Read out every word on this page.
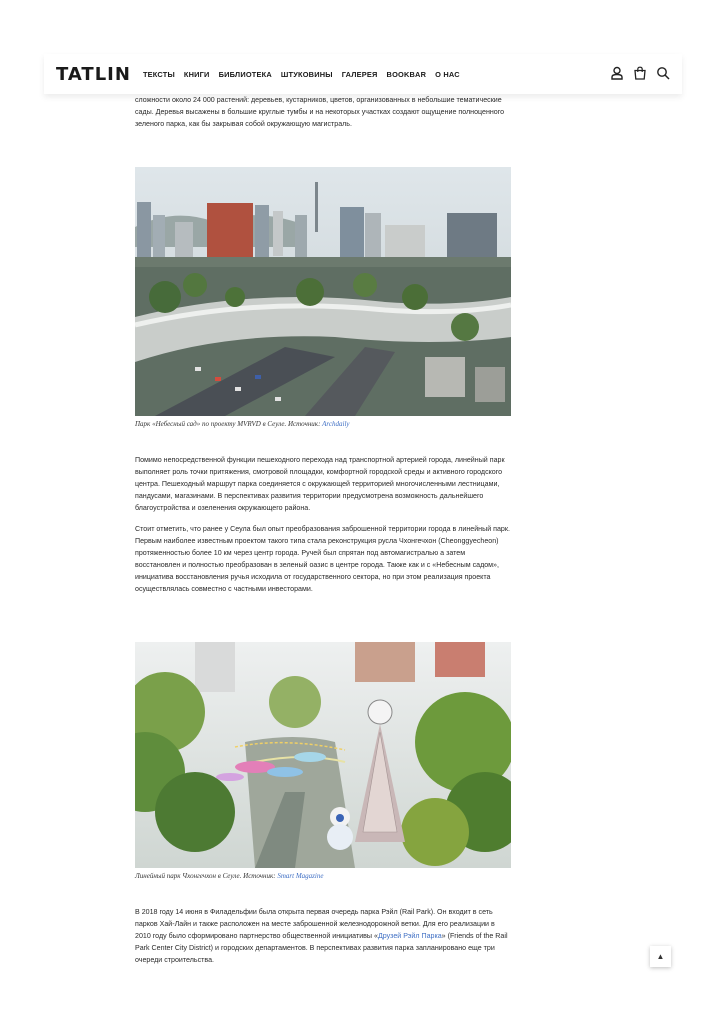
TATLIN ТЕКСТЫ КНИГИ БИБЛИОТЕКА ШТУКОВИНЫ ГАЛЕРЕЯ BOOKBAR О НАС

сложности около 24 000 растений: деревьев, кустарников, цветов, организованных в небольшие тематические сады. Деревья высажены в большие круглые тумбы и на некоторых участках создают ощущение полноценного зеленого парка, как бы закрывая собой окружающую магистраль.

Парк «Небесный сад» по проекту MVRVD в Сеуле. Источник: Archdaily

Помимо непосредственной функции пешеходного перехода над транспортной артерией города, линейный парк выполняет роль точки притяжения, смотровой площадки, комфортной городской среды и активного городского центра. Пешеходный маршрут парка соединяется с окружающей территорией многочисленными лестницами, пандусами, магазинами. В перспективах развития территории предусмотрена возможность дальнейшего благоустройства и озеленения окружающего района.

Стоит отметить, что ранее у Сеула был опыт преобразования заброшенной территории города в линейный парк. Первым наиболее известным проектом такого типа стала реконструкция русла Чхонгечхон (Cheonggyecheon) протяженностью более 10 км через центр города. Ручей был спрятан под автомагистралью а затем восстановлен и полностью преобразован в зеленый оазис в центре города. Также как и с «Небесным садом», инициатива восстановления ручья исходила от государственного сектора, но при этом реализация проекта осуществлялась совместно с частными инвесторами.

Линейный парк Чхонгечхон в Сеуле. Источник: Smart Magazine

В 2018 году 14 июня в Филадельфии была открыта первая очередь парка Рэйл (Rail Park). Он входит в сеть парков Хай-Лайн и также расположен на месте заброшенной железнодорожной ветки. Для его реализации в 2010 году было сформировано партнерство общественной инициативы «Друзей Рэйл Парка» (Friends of the Rail Park Center City District) и городских департаментов. В перспективах развития парка запланировано еще три очереди строительства.	▲
